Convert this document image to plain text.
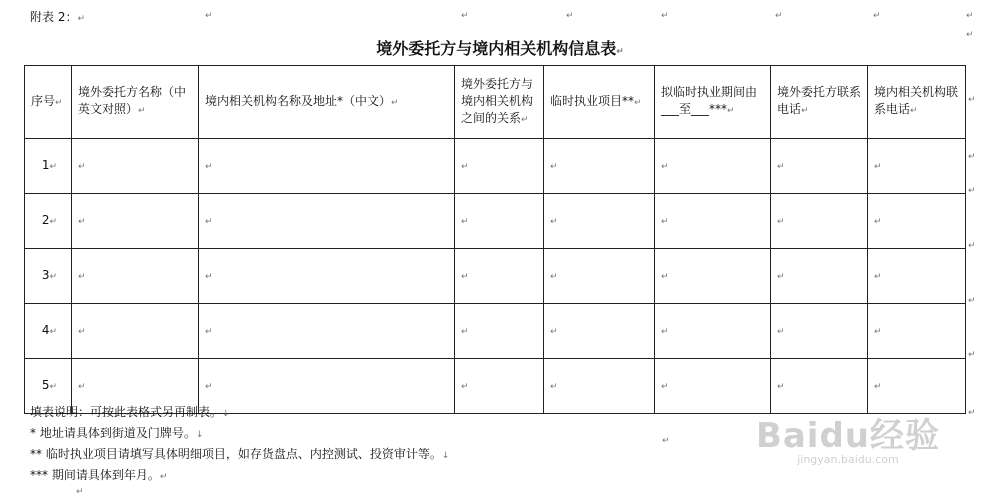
附表 2：↵	↵	↵	↵	↵	↵	↵	↵
↵
境外委托方与境内相关机构信息表↵
序号↵	境外委托方名称（中英文对照）↵	境内相关机构名称及地址*（中文）↵	境外委托方与境内相关机构之间的关系↵	临时执业项目**↵	拟临时执业期间由___至___***↵	境外委托方联系电话↵	境内相关机构联系电话↵
1↵	↵	↵	↵	↵	↵	↵	↵
2↵	↵	↵	↵	↵	↵	↵	↵
3↵	↵	↵	↵	↵	↵	↵	↵
4↵	↵	↵	↵	↵	↵	↵	↵
5↵	↵	↵	↵	↵	↵	↵	↵
↵
↵
↵
↵
↵
↵
↵
填表说明：可按此表格式另再制表。↓
* 地址请具体到街道及门牌号。↓
** 临时执业项目请填写具体明细项目，如存货盘点、内控测试、投资审计等。↓
*** 期间请具体到年月。↵
↵
↵	Baidu经验
jingyan.baidu.com
